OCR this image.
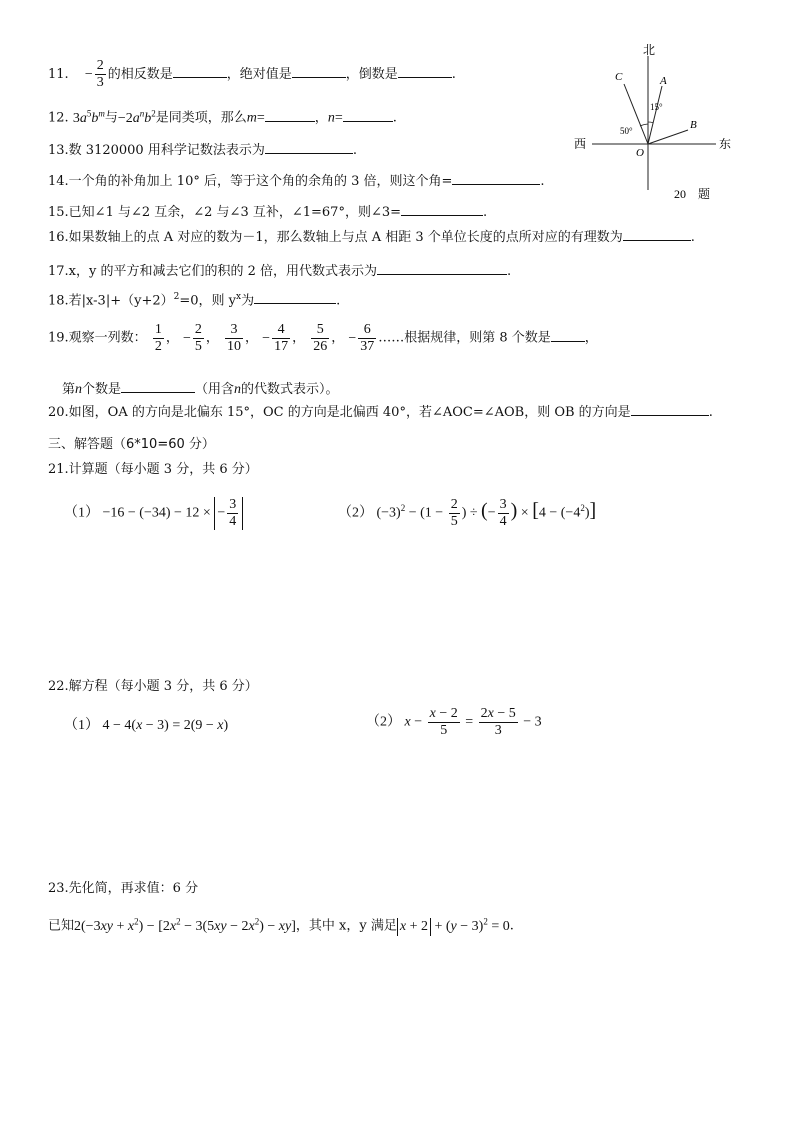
11. − $\frac{2}{3}$ 的相反数是	，绝对值是	，倒数是	.
12. $3a^5b^m$与$-2a^nb^2$是同类项，那么m=	，n=	.
13.数 3120000 用科学记数法表示为	.
14.一个角的补角加上 10° 后，等于这个角的余角的 3 倍，则这个角=	.
15.已知∠1 与∠2 互余，∠2 与∠3 互补，∠1=67°，则∠3=	.
16.如果数轴上的点 A 对应的数为－1，那么数轴上与点 A 相距 3 个单位长度的点所对应的有理数为	.
17.x，y 的平方和减去它们的积的 2 倍，用代数式表示为	.
18.若$|x-3|+(y+2)^2=0$，则 $y^x$为	.
19.观察一列数： $\frac{1}{2}$ ， − $\frac{2}{5}$ ， $\frac{3}{10}$ ， − $\frac{4}{17}$ ， $\frac{5}{26}$ ， − $\frac{6}{37}$ ……根据规律，则第 8 个数是	，
第n个数是	（用含n的代数式表示）。
20.如图，OA 的方向是北偏东 15°，OC 的方向是北偏西 40°，若∠AOC=∠AOB，则 OB 的方向是	.
三、解答题（6*10=60 分）
21.计算题（每小题 3 分，共 6 分）
（1） −16 − (−34) − 12 × − $\frac{3}{4}$	（2） $(-3)^2 - (1 - \frac{2}{5}$ ) ÷ (− $\frac{3}{4}$ ) × $[4 - (-4^2)]$
22.解方程（每小题 3 分，共 6 分）
（1） 4 − 4(x − 3) = 2(9 − x)	（2） $x - \frac{x - 2}{5} = \frac{2x - 5}{3} - 3$
23.先化简，再求值：6 分
已知$2(-3xy + x^2) - [2x^2 - 3(5xy - 2x^2) - xy]$，其中 x，y 满足 $x + 2 + (y - 3)^2 = 0$.
北
东
西
A
B
C
O
15°
50°
20　题
